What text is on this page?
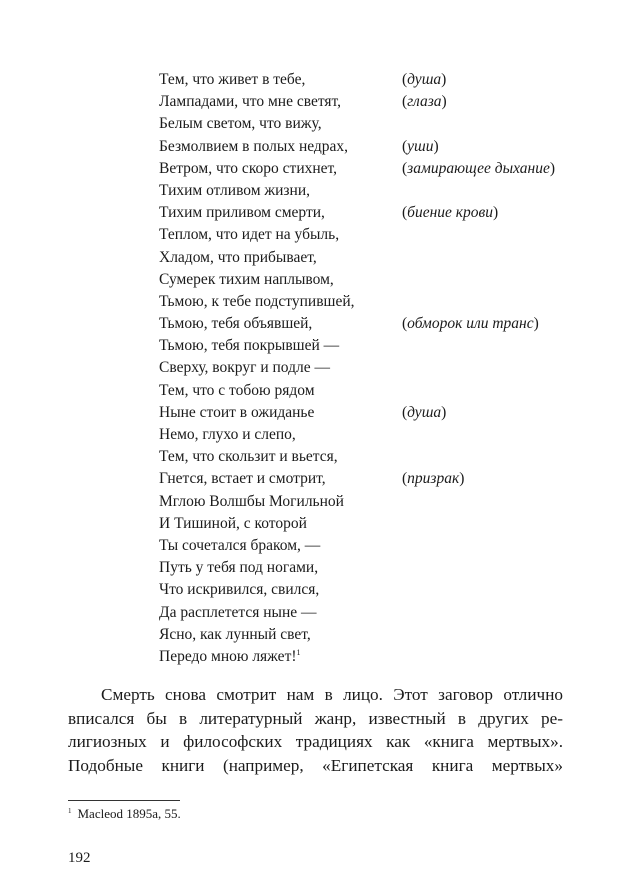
Тем, что живет в тебе,	(душа)
Лампадами, что мне светят,	(глаза)
Белым светом, что вижу,
Безмолвием в полых недрах,	(уши)
Ветром, что скоро стихнет,	(замирающее дыхание)
Тихим отливом жизни,
Тихим приливом смерти,	(биение крови)
Теплом, что идет на убыль,
Хладом, что прибывает,
Сумерек тихим наплывом,
Тьмою, к тебе подступившей,
Тьмою, тебя объявшей,	(обморок или транс)
Тьмою, тебя покрывшей —
Сверху, вокруг и подле —
Тем, что с тобою рядом
Ныне стоит в ожиданье	(душа)
Немо, глухо и слепо,
Тем, что скользит и вьется,
Гнется, встает и смотрит,	(призрак)
Мглою Волшбы Могильной
И Тишиной, с которой
Ты сочетался браком, —
Путь у тебя под ногами,
Что искривился, свился,
Да расплетется ныне —
Ясно, как лунный свет,
Передо мною ляжет!$^1$
Смерть снова смотрит нам в лицо. Этот заговор отлично
вписался бы в литературный жанр, известный в других ре-
лигиозных и философских традициях как «книга мертвых».
Подобные книги (например, «Египетская книга мертвых»
$^1$ Macleod 1895a, 55.
192
